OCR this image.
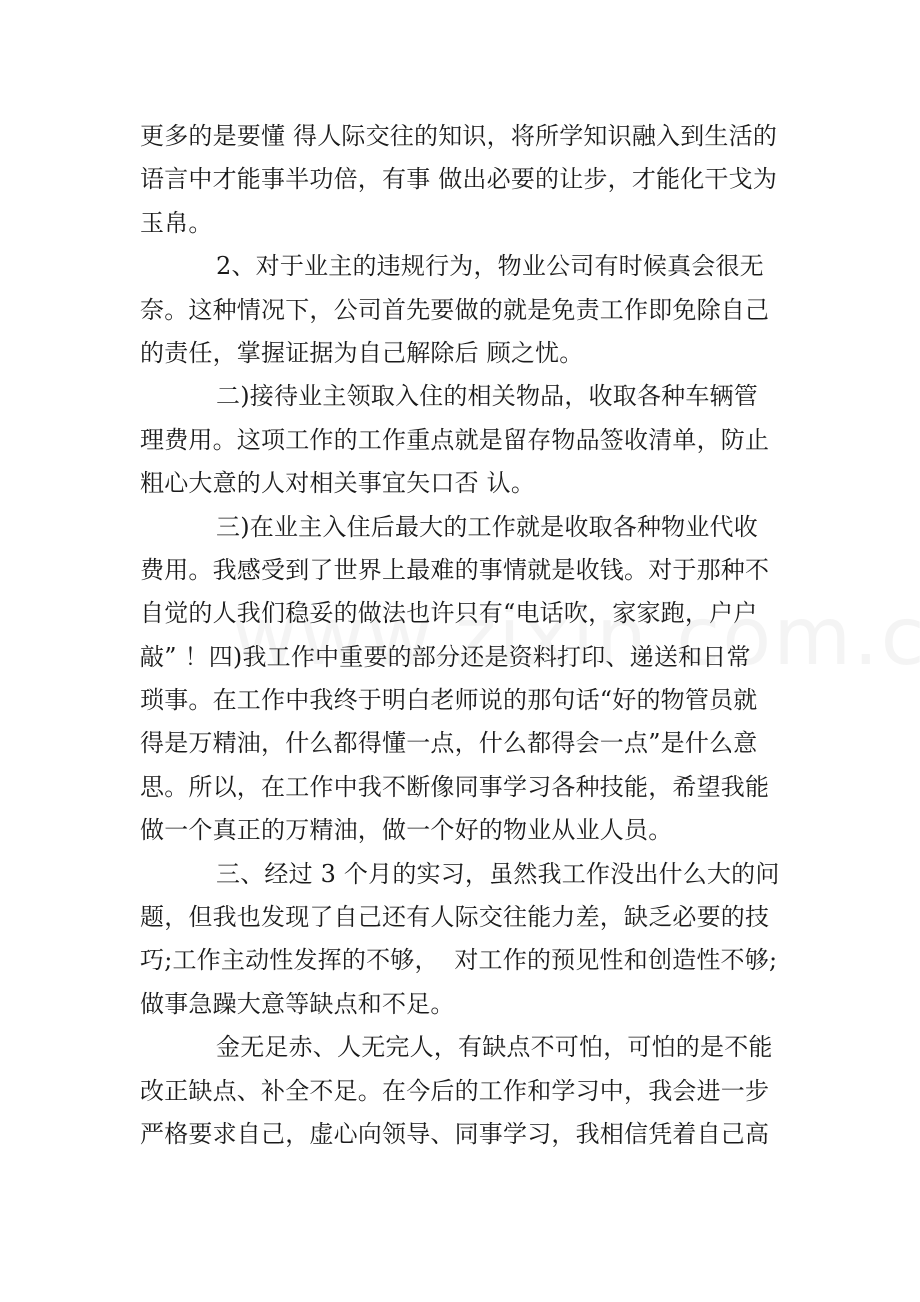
更多的是要懂 得人际交往的知识，将所学知识融入到生活的
语言中才能事半功倍，有事 做出必要的让步，才能化干戈为
玉帛。
2、对于业主的违规行为，物业公司有时候真会很无
奈。这种情况下，公司首先要做的就是免责工作即免除自己
的责任，掌握证据为自己解除后 顾之忧。
二)接待业主领取入住的相关物品，收取各种车辆管
理费用。这项工作的工作重点就是留存物品签收清单，防止
粗心大意的人对相关事宜矢口否 认。
三)在业主入住后最大的工作就是收取各种物业代收
费用。我感受到了世界上最难的事情就是收钱。对于那种不
自觉的人我们稳妥的做法也许只有“电话吹，家家跑，户户
敲” ！四)我工作中重要的部分还是资料打印、递送和日常
琐事。在工作中我终于明白老师说的那句话“好的物管员就
得是万精油，什么都得懂一点，什么都得会一点”是什么意
思。所以，在工作中我不断像同事学习各种技能，希望我能
做一个真正的万精油，做一个好的物业从业人员。
三、经过 3 个月的实习，虽然我工作没出什么大的问
题，但我也发现了自己还有人际交往能力差，缺乏必要的技
巧;工作主动性发挥的不够，  对工作的预见性和创造性不够;
做事急躁大意等缺点和不足。
金无足赤、人无完人，有缺点不可怕，可怕的是不能
改正缺点、补全不足。在今后的工作和学习中，我会进一步
严格要求自己，虚心向领导、同事学习，我相信凭着自己高
